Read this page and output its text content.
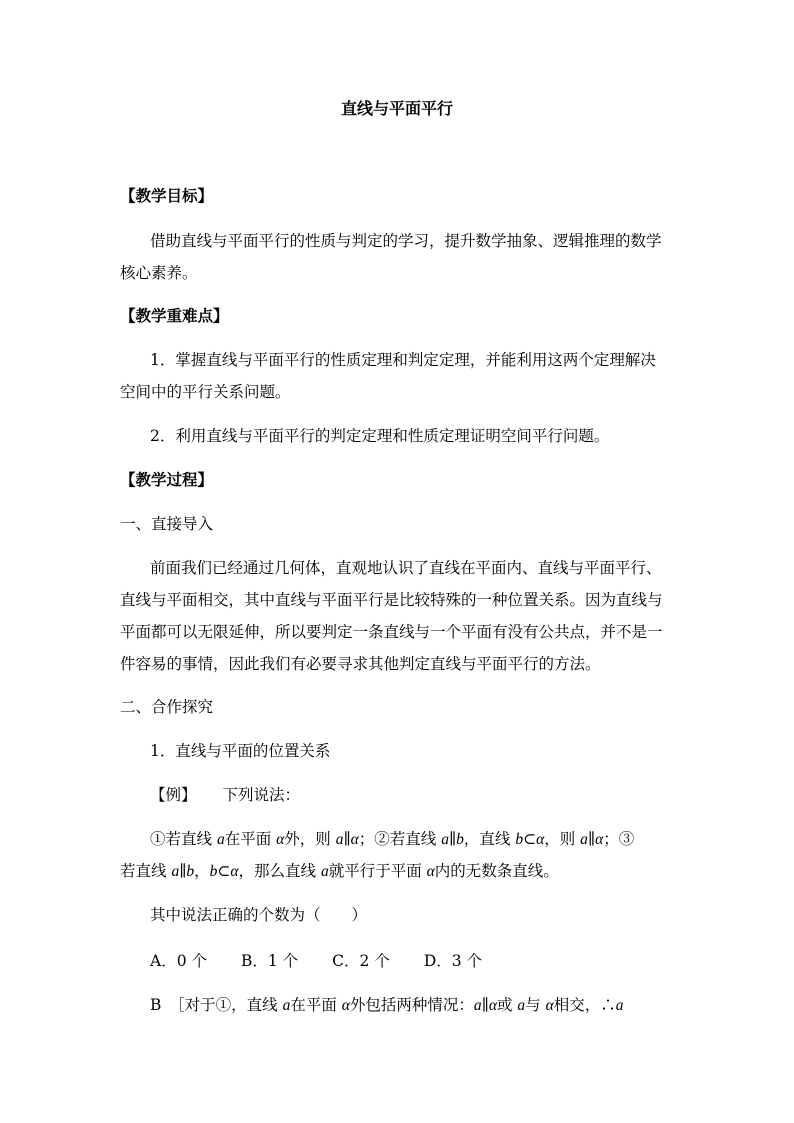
直线与平面平行
【教学目标】
借助直线与平面平行的性质与判定的学习，提升数学抽象、逻辑推理的数学
核心素养。
【教学重难点】
1．掌握直线与平面平行的性质定理和判定定理，并能利用这两个定理解决
空间中的平行关系问题。
2．利用直线与平面平行的判定定理和性质定理证明空间平行问题。
【教学过程】
一、直接导入
前面我们已经通过几何体，直观地认识了直线在平面内、直线与平面平行、
直线与平面相交，其中直线与平面平行是比较特殊的一种位置关系。因为直线与
平面都可以无限延伸，所以要判定一条直线与一个平面有没有公共点，并不是一
件容易的事情，因此我们有必要寻求其他判定直线与平面平行的方法。
二、合作探究
1．直线与平面的位置关系
【例】 下列说法：
①若直线 a在平面 α外，则 a∥α；②若直线 a∥b，直线 b⊂α，则 a∥α；③
若直线 a∥b，b⊂α，那么直线 a就平行于平面 α内的无数条直线。
其中说法正确的个数为（　　）
A．0 个 B．1 个 C．2 个 D．3 个
B　［对于①，直线 a在平面 α外包括两种情况：a∥α或 a与 α相交，∴a
